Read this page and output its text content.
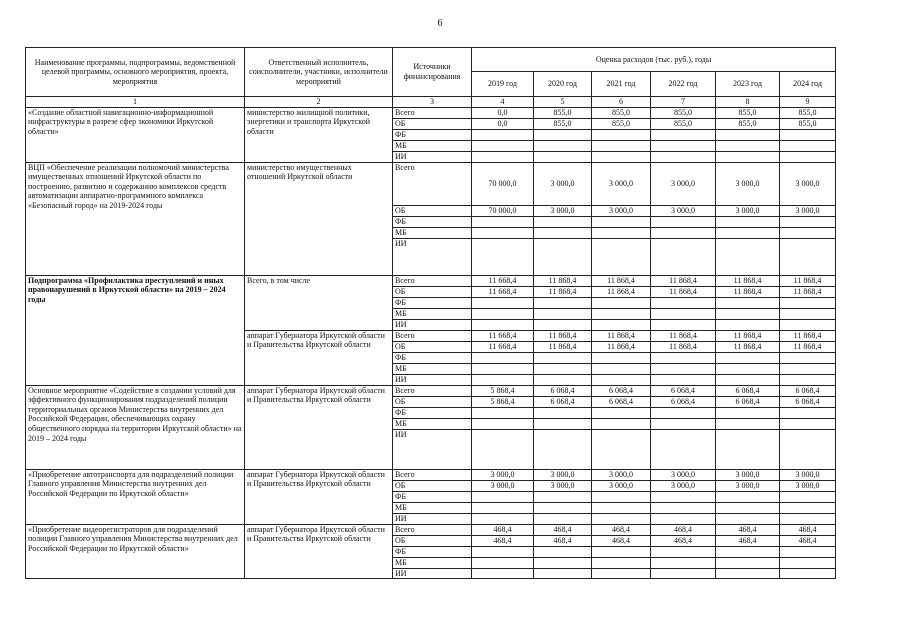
6
Наименование программы, подпрограммы, ведомственной целевой программы, основного мероприятия, проекта, мероприятия	Ответственный исполнитель, соисполнители, участники, исполнители мероприятий	Источники финансирования	Оценка расходов (тыс. руб.), годы					
			2019 год	2020 год	2021 год	2022 год	2023 год	2024 год
1	2	3	4	5	6	7	8	9
«Создание областной навигационно-информационной инфраструктуры в разрезе сфер экономики Иркутской области»	министерство жилищной политики, энергетики и транспорта Иркутской области	Всего	0,0	855,0	855,0	855,0	855,0	855,0
		ОБ	0,0	855,0	855,0	855,0	855,0	855,0
		ФБ						
		МБ						
		ИИ						
ВЦП «Обеспечение реализации полномочий министерства имущественных отношений Иркутской области по построению, развитию и содержанию комплексов средств автоматизации аппаратно-программного комплекса «Безопасный город» на 2019-2024 годы	министерство имущественных отношений Иркутской области	Всего	70 000,0	3 000,0	3 000,0	3 000,0	3 000,0	3 000,0
		ОБ	70 000,0	3 000,0	3 000,0	3 000,0	3 000,0	3 000,0
		ФБ						
		МБ						
		ИИ						
Подпрограмма «Профилактика преступлений и иных правонарушений в Иркутской области» на 2019 – 2024 годы	Всего, в том числе	Всего	11 668,4	11 868,4	11 868,4	11 868,4	11 868,4	11 868,4
		ОБ	11 668,4	11 868,4	11 868,4	11 868,4	11 868,4	11 868,4
		ФБ						
		МБ						
		ИИ						
	аппарат Губернатора Иркутской области и Правительства Иркутской области	Всего	11 668,4	11 868,4	11 868,4	11 868,4	11 868,4	11 868,4
		ОБ	11 668,4	11 868,4	11 868,4	11 868,4	11 868,4	11 868,4
		ФБ						
		МБ						
		ИИ						
Основное мероприятие «Содействие в создании условий для эффективного функционирования подразделений полиции территориальных органов Министерства внутренних дел Российской Федерации, обеспечивающих охрану общественного порядка на территории Иркутской области» на 2019 – 2024 годы	аппарат Губернатора Иркутской области и Правительства Иркутской области	Всего	5 868,4	6 068,4	6 068,4	6 068,4	6 068,4	6 068,4
		ОБ	5 868,4	6 068,4	6 068,4	6 068,4	6 068,4	6 068,4
		ФБ						
		МБ						
		ИИ						
«Приобретение автотранспорта для подразделений полиции Главного управления Министерства внутренних дел Российской Федерации по Иркутской области»	аппарат Губернатора Иркутской области и Правительства Иркутской области	Всего	3 000,0	3 000,0	3 000,0	3 000,0	3 000,0	3 000,0
		ОБ	3 000,0	3 000,0	3 000,0	3 000,0	3 000,0	3 000,0
		ФБ						
		МБ						
		ИИ						
«Приобретение видеорегистраторов для подразделений полиции Главного управления Министерства внутренних дел Российской Федерации по Иркутской области»	аппарат Губернатора Иркутской области и Правительства Иркутской области	Всего	468,4	468,4	468,4	468,4	468,4	468,4
		ОБ	468,4	468,4	468,4	468,4	468,4	468,4
		ФБ						
		МБ						
		ИИ						
